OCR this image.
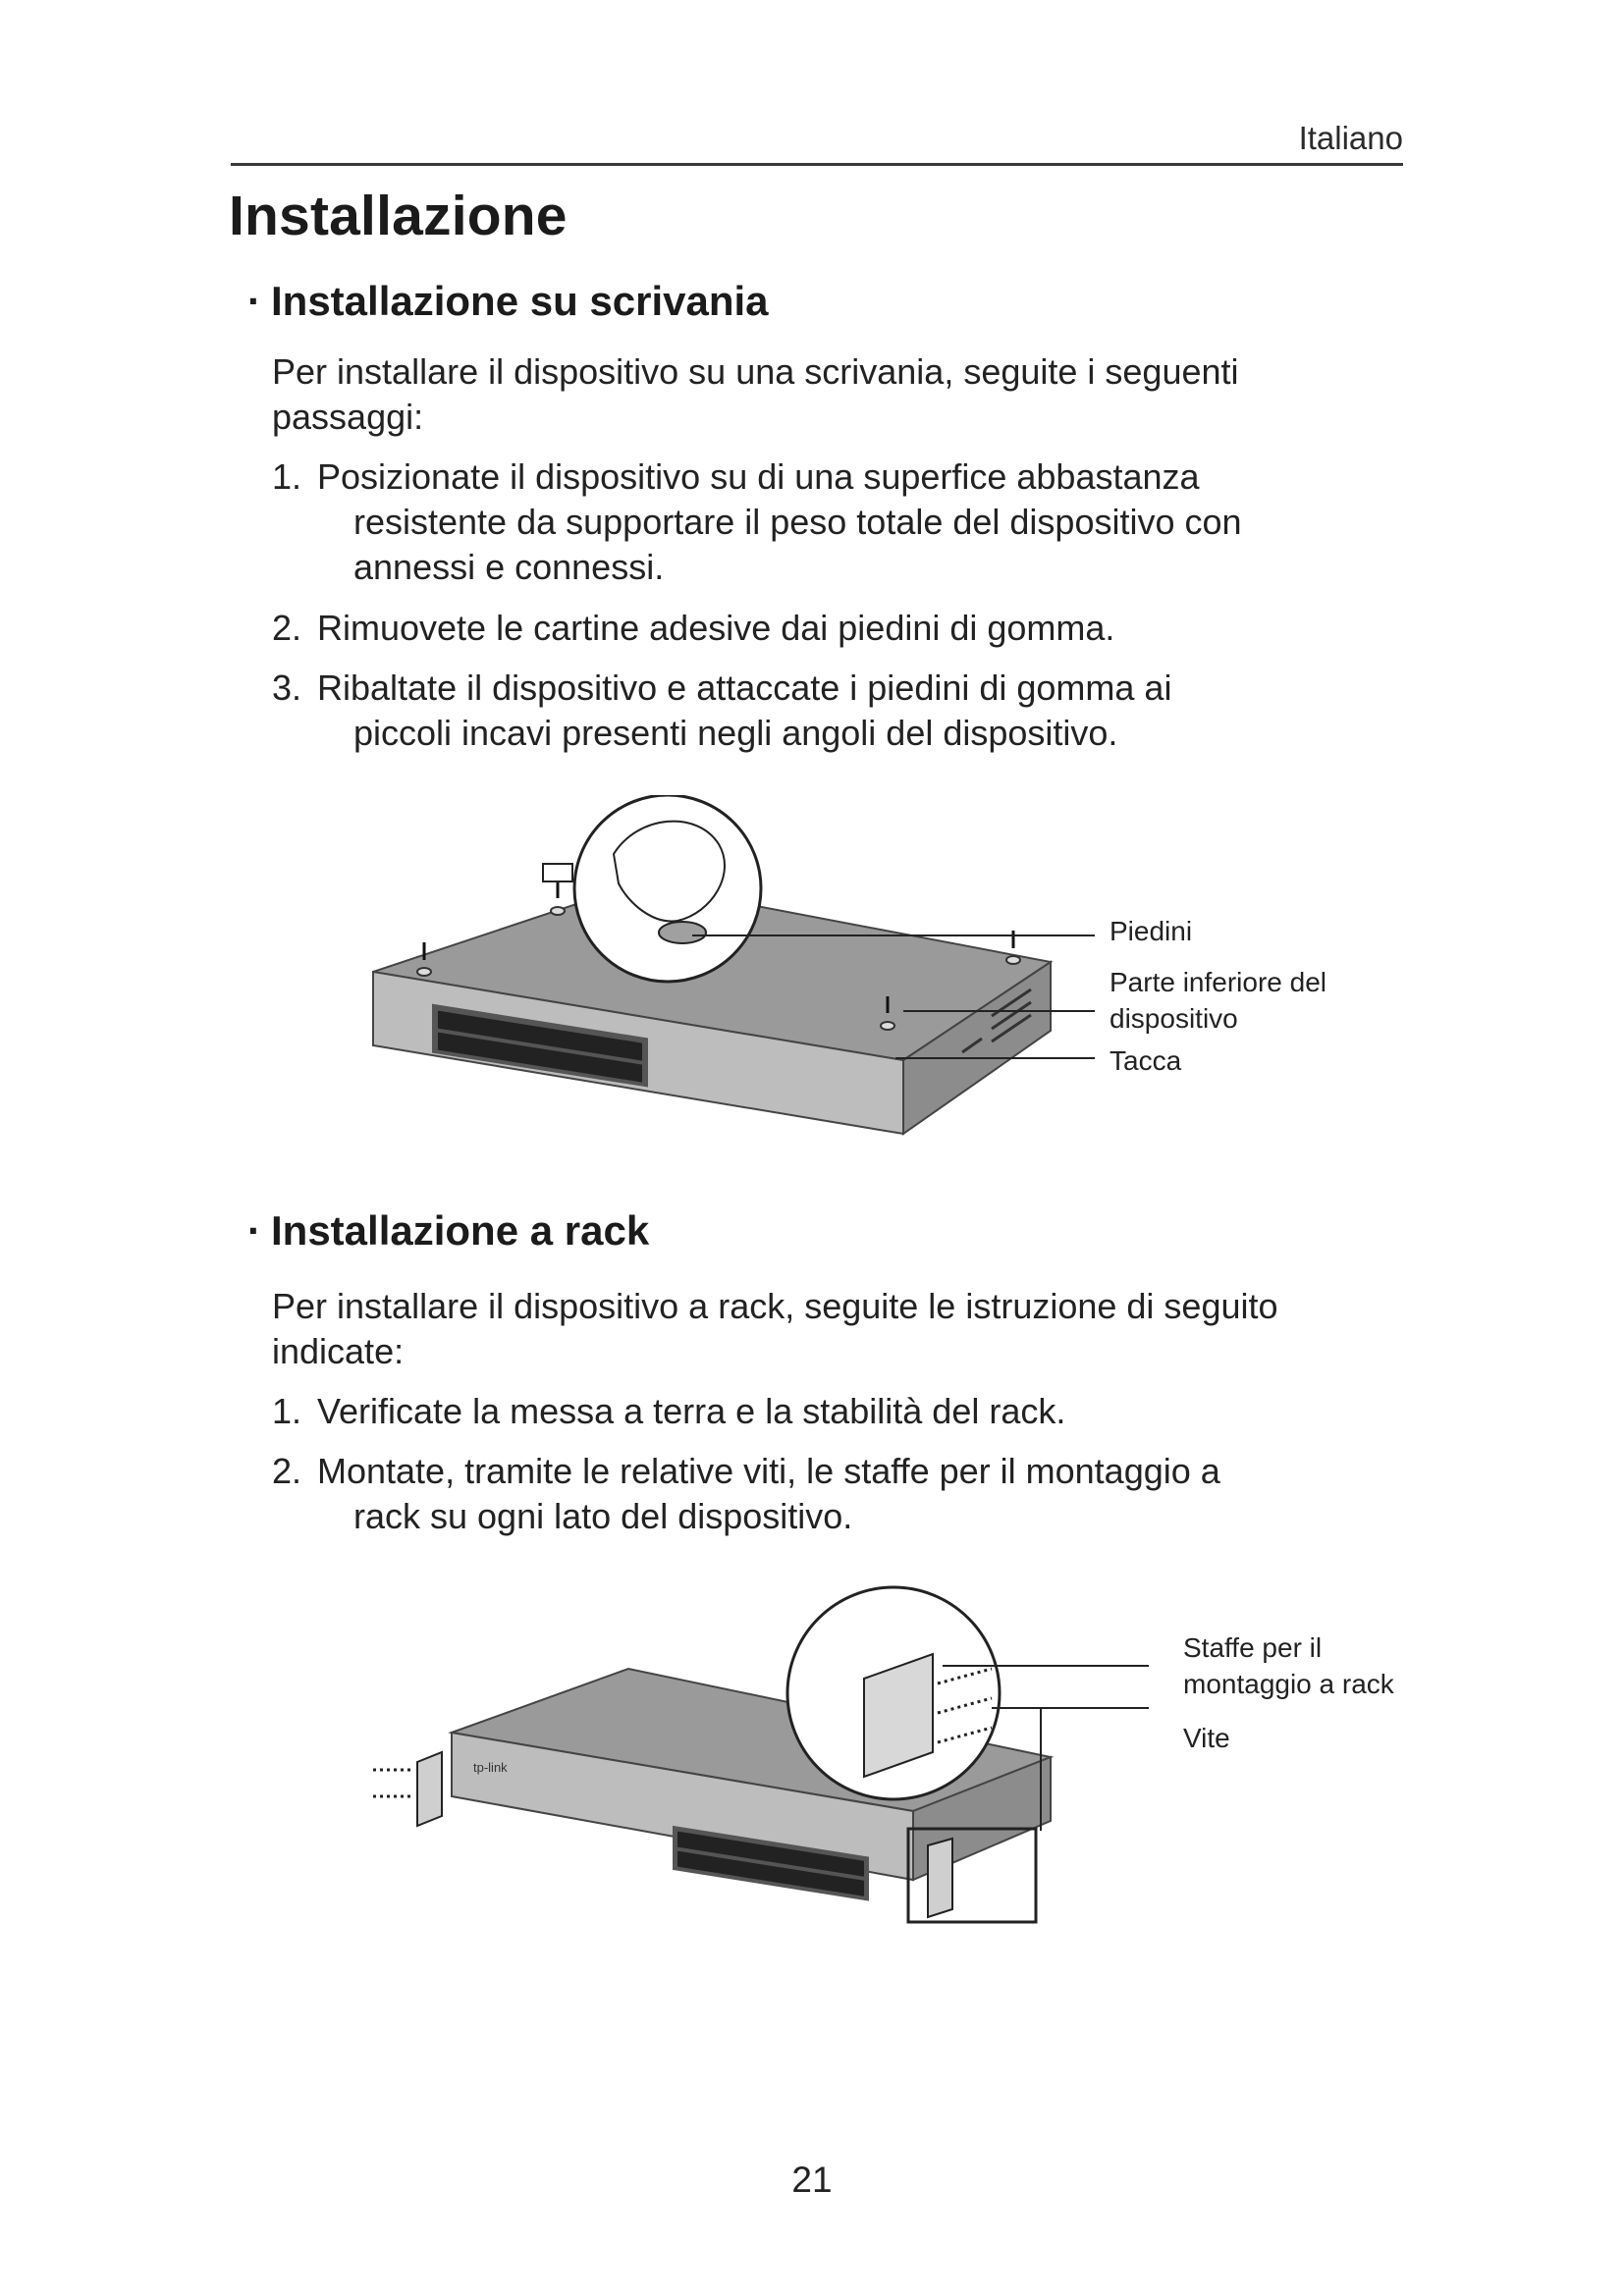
Italiano
Installazione
· Installazione su scrivania
Per installare il dispositivo su una scrivania, seguite i seguenti
passaggi:
1. Posizionate il dispositivo su di una superfice abbastanza
resistente da supportare il peso totale del dispositivo con
annessi e connessi.
2. Rimuovete le cartine adesive dai piedini di gomma.
3. Ribaltate il dispositivo e attaccate i piedini di gomma ai
piccoli incavi presenti negli angoli del dispositivo.
Piedini
Parte inferiore del
dispositivo
Tacca
· Installazione a rack
Per installare il dispositivo a rack, seguite le istruzione di seguito
indicate:
1. Verificate la messa a terra e la stabilità del rack.
2. Montate, tramite le relative viti, le staffe per il montaggio a
rack su ogni lato del dispositivo.
tp-link
Staffe per il
montaggio a rack
Vite
21
